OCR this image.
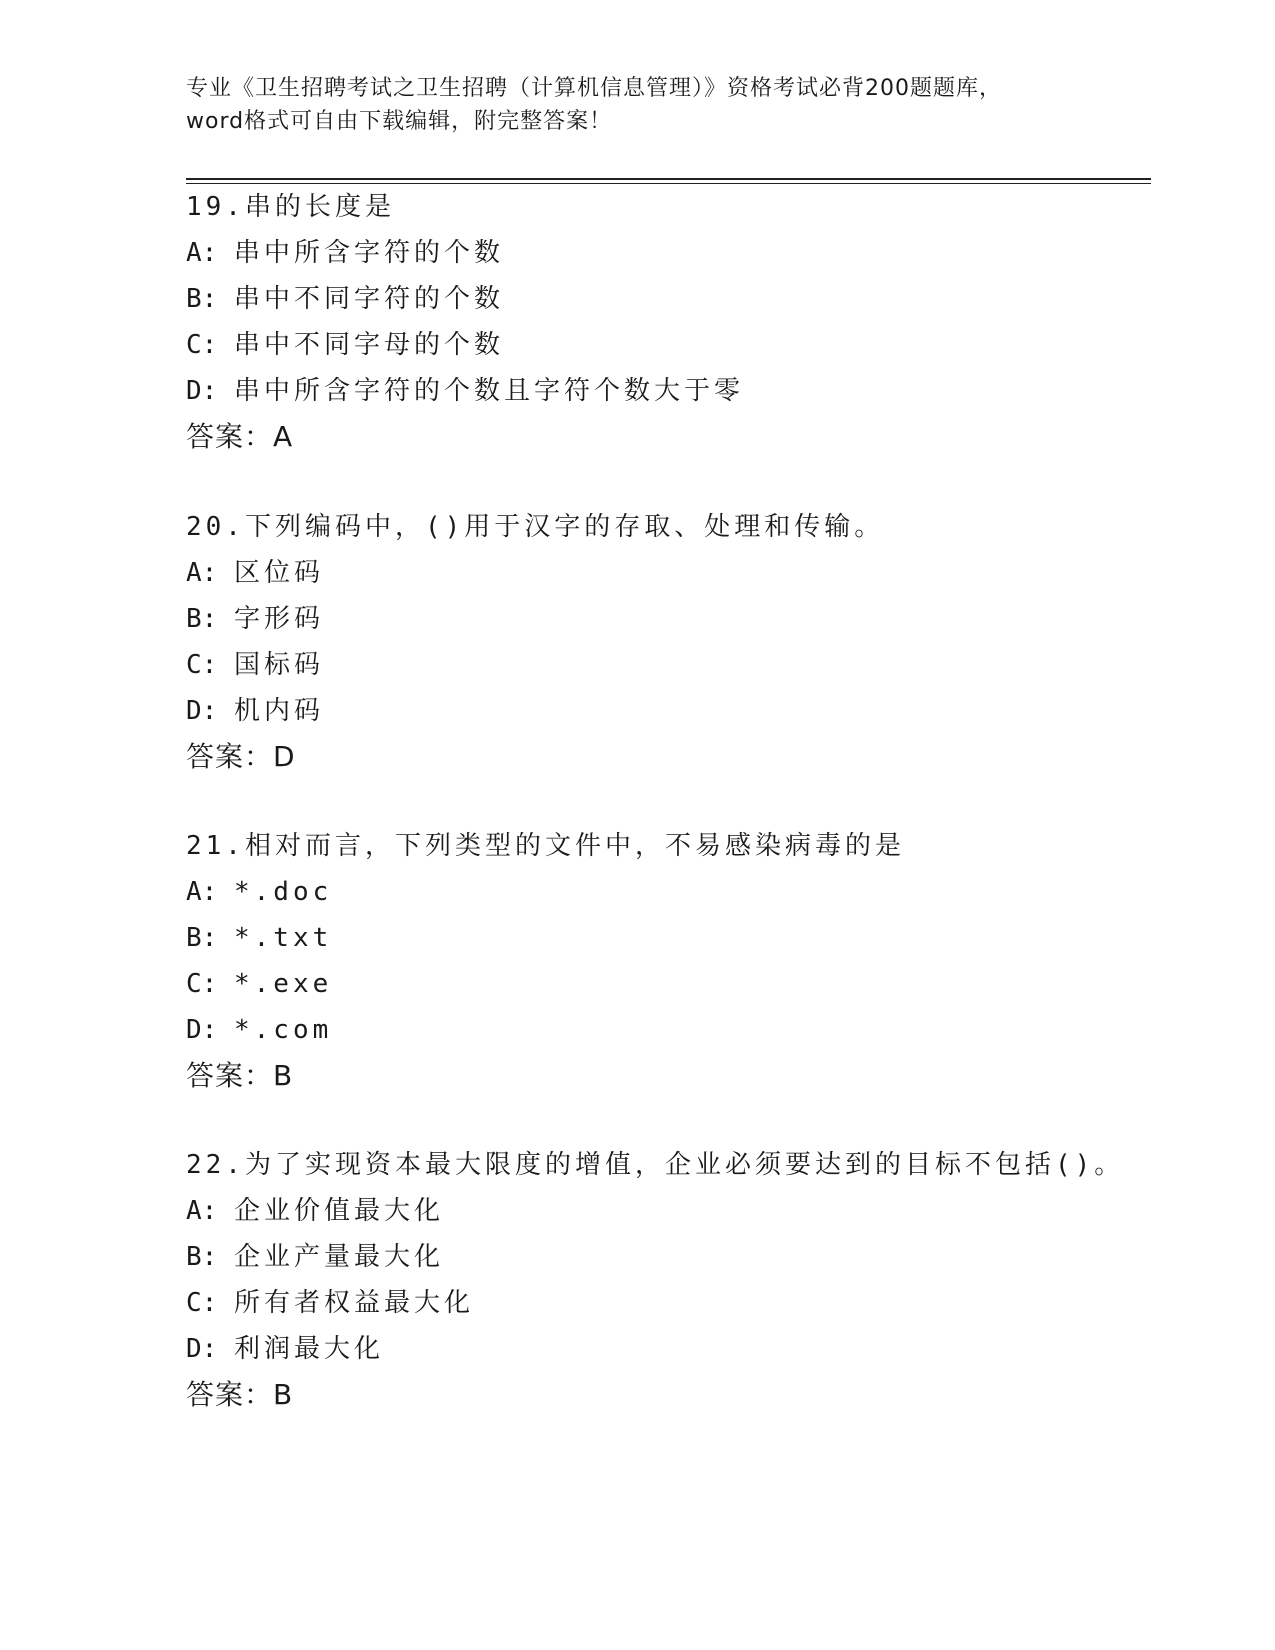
专业《卫生招聘考试之卫生招聘（计算机信息管理）》资格考试必背200题题库，
word格式可自由下载编辑，附完整答案！
19.串的长度是
A: 串中所含字符的个数
B: 串中不同字符的个数
C: 串中不同字母的个数
D: 串中所含字符的个数且字符个数大于零
答案：A
20.下列编码中，()用于汉字的存取、处理和传输。
A: 区位码
B: 字形码
C: 国标码
D: 机内码
答案：D
21.相对而言，下列类型的文件中，不易感染病毒的是
A: *.doc
B: *.txt
C: *.exe
D: *.com
答案：B
22.为了实现资本最大限度的增值，企业必须要达到的目标不包括()。
A: 企业价值最大化
B: 企业产量最大化
C: 所有者权益最大化
D: 利润最大化
答案：B
